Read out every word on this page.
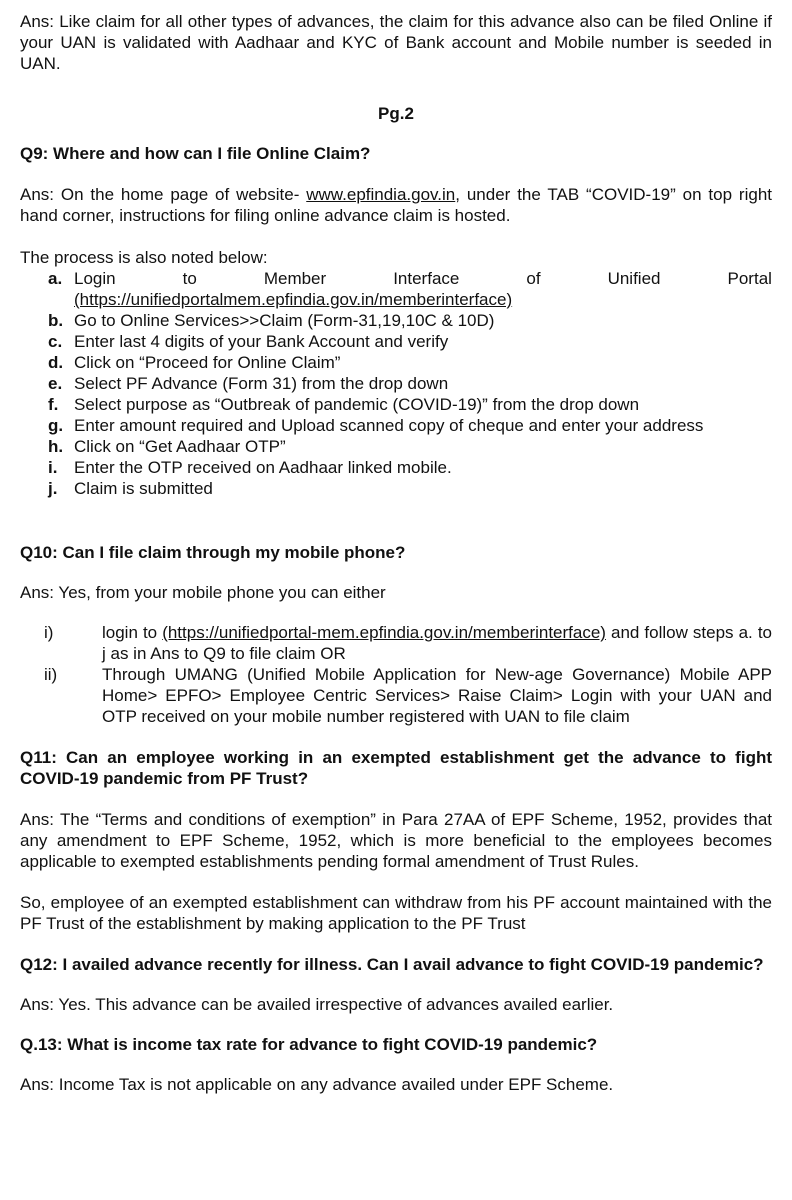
Ans: Like claim for all other types of advances, the claim for this advance also can be filed Online if your UAN is validated with Aadhaar and KYC of Bank account and Mobile number is seeded in UAN.

Pg.2

Q9: Where and how can I file Online Claim?

Ans: On the home page of website- www.epfindia.gov.in, under the TAB “COVID-19” on top right hand corner, instructions for filing online advance claim is hosted.

The process is also noted below:

a. Login	to	Member	Interface	of	Unified	Portal
(https://unifiedportalmem.epfindia.gov.in/memberinterface)
b. Go to Online Services>>Claim (Form-31,19,10C & 10D)
c. Enter last 4 digits of your Bank Account and verify
d. Click on “Proceed for Online Claim”
e. Select PF Advance (Form 31) from the drop down
f. Select purpose as “Outbreak of pandemic (COVID-19)” from the drop down
g. Enter amount required and Upload scanned copy of cheque and enter your address
h. Click on “Get Aadhaar OTP”
i. Enter the OTP received on Aadhaar linked mobile.
j. Claim is submitted

Q10: Can I file claim through my mobile phone?

Ans: Yes, from your mobile phone you can either

i)	login to (https://unifiedportal-mem.epfindia.gov.in/memberinterface) and follow steps a. to j as in Ans to Q9 to file claim OR
ii)	Through UMANG (Unified Mobile Application for New-age Governance) Mobile APP Home> EPFO> Employee Centric Services> Raise Claim> Login with your UAN and OTP received on your mobile number registered with UAN to file claim

Q11: Can an employee working in an exempted establishment get the advance to fight COVID-19 pandemic from PF Trust?

Ans: The “Terms and conditions of exemption” in Para 27AA of EPF Scheme, 1952, provides that any amendment to EPF Scheme, 1952, which is more beneficial to the employees becomes applicable to exempted establishments pending formal amendment of Trust Rules.

So, employee of an exempted establishment can withdraw from his PF account maintained with the PF Trust of the establishment by making application to the PF Trust

Q12: I availed advance recently for illness. Can I avail advance to fight COVID-19 pandemic?

Ans: Yes. This advance can be availed irrespective of advances availed earlier.

Q.13: What is income tax rate for advance to fight COVID-19 pandemic?

Ans: Income Tax is not applicable on any advance availed under EPF Scheme.
